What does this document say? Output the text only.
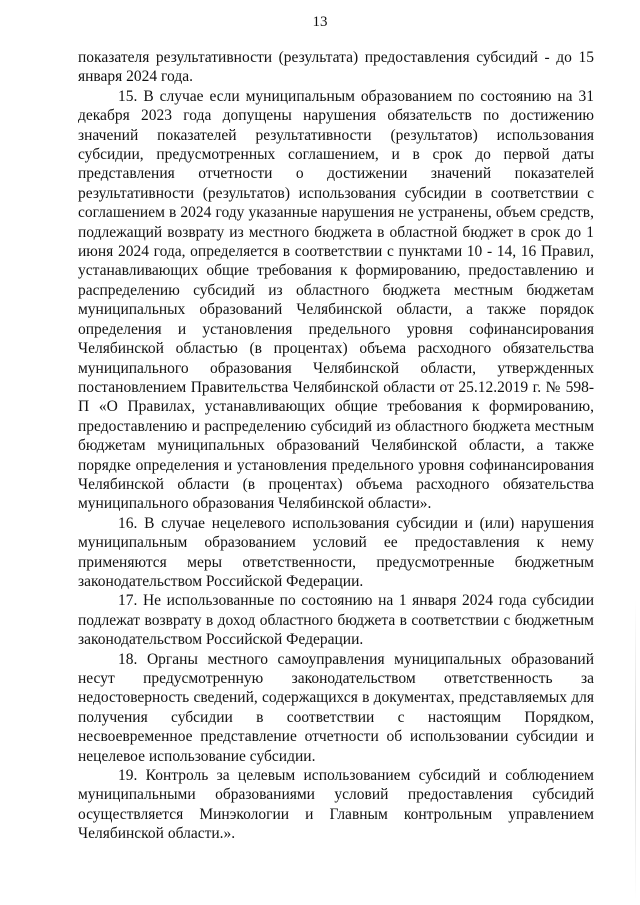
13

показателя результативности (результата) предоставления субсидий - до 15 января 2024 года.

15. В случае если муниципальным образованием по состоянию на 31 декабря 2023 года допущены нарушения обязательств по достижению значений показателей результативности (результатов) использования субсидии, предусмотренных соглашением, и в срок до первой даты представления отчетности о достижении значений показателей результативности (результатов) использования субсидии в соответствии с соглашением в 2024 году указанные нарушения не устранены, объем средств, подлежащий возврату из местного бюджета в областной бюджет в срок до 1 июня 2024 года, определяется в соответствии с пунктами 10 - 14, 16 Правил, устанавливающих общие требования к формированию, предоставлению и распределению субсидий из областного бюджета местным бюджетам муниципальных образований Челябинской области, а также порядок определения и установления предельного уровня софинансирования Челябинской областью (в процентах) объема расходного обязательства муниципального образования Челябинской области, утвержденных постановлением Правительства Челябинской области от 25.12.2019 г. № 598-П «О Правилах, устанавливающих общие требования к формированию, предоставлению и распределению субсидий из областного бюджета местным бюджетам муниципальных образований Челябинской области, а также порядке определения и установления предельного уровня софинансирования Челябинской области (в процентах) объема расходного обязательства муниципального образования Челябинской области».

16. В случае нецелевого использования субсидии и (или) нарушения муниципальным образованием условий ее предоставления к нему применяются меры ответственности, предусмотренные бюджетным законодательством Российской Федерации.

17. Не использованные по состоянию на 1 января 2024 года субсидии подлежат возврату в доход областного бюджета в соответствии с бюджетным законодательством Российской Федерации.

18. Органы местного самоуправления муниципальных образований несут предусмотренную законодательством ответственность за недостоверность сведений, содержащихся в документах, представляемых для получения субсидии в соответствии с настоящим Порядком, несвоевременное представление отчетности об использовании субсидии и нецелевое использование субсидии.

19. Контроль за целевым использованием субсидий и соблюдением муниципальными образованиями условий предоставления субсидий осуществляется Минэкологии и Главным контрольным управлением Челябинской области.».
